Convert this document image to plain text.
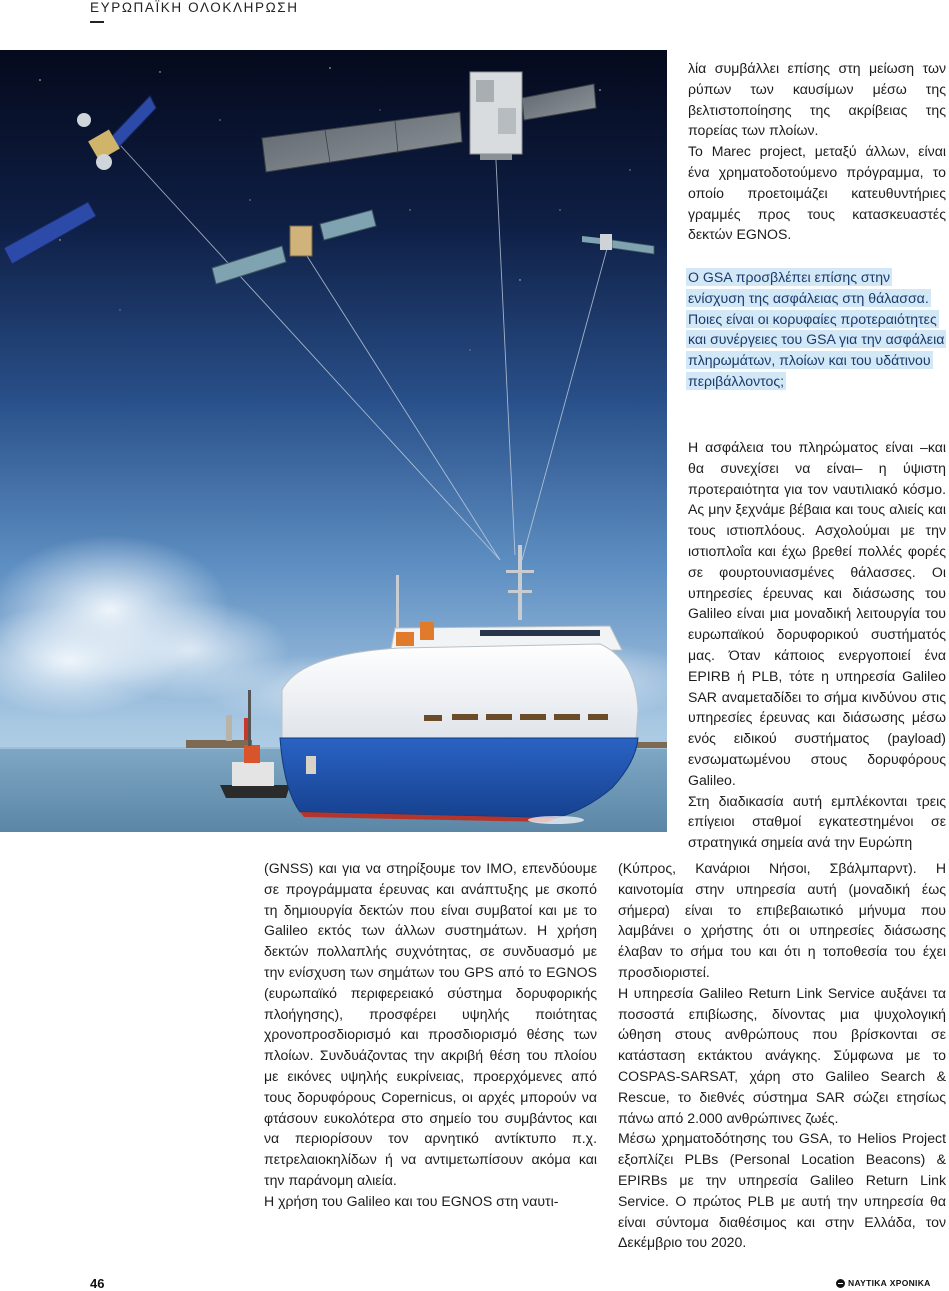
ΕΥΡΩΠΑΪΚΗ ΟΛΟΚΛΗΡΩΣΗ

λία συμβάλλει επίσης στη μείωση των ρύπων των καυσίμων μέσω της βελτιστοποίησης της ακρίβειας της πορείας των πλοίων.

Το Marec project, μεταξύ άλλων, είναι ένα χρηματοδοτούμενο πρόγραμμα, το οποίο προετοιμάζει κατευθυντήριες γραμμές προς τους κατασκευαστές δεκτών EGNOS.

Ο GSA προσβλέπει επίσης στην ενίσχυση της ασφάλειας στη θάλασσα. Ποιες είναι οι κορυφαίες προτεραιότητες και συνέργειες του GSA για την ασφάλεια πληρωμάτων, πλοίων και του υδάτινου περιβάλλοντος;

Η ασφάλεια του πληρώματος είναι –και θα συνεχίσει να είναι– η ύψιστη προτεραιότητα για τον ναυτιλιακό κόσμο. Ας μην ξεχνάμε βέβαια και τους αλιείς και τους ιστιοπλόους. Ασχολούμαι με την ιστιοπλοΐα και έχω βρεθεί πολλές φορές σε φουρτουνιασμένες θάλασσες. Οι υπηρεσίες έρευνας και διάσωσης του Galileo είναι μια μοναδική λειτουργία του ευρωπαϊκού δορυφορικού συστήματός μας. Όταν κάποιος ενεργοποιεί ένα EPIRB ή PLB, τότε η υπηρεσία Galileo SAR αναμεταδίδει το σήμα κινδύνου στις υπηρεσίες έρευνας και διάσωσης μέσω ενός ειδικού συστήματος (payload) ενσωματωμένου στους δορυφόρους Galileo.

Στη διαδικασία αυτή εμπλέκονται τρεις επίγειοι σταθμοί εγκατεστημένοι σε στρατηγικά σημεία ανά την Ευρώπη

(Κύπρος, Κανάριοι Νήσοι, Σβάλμπαρντ). Η καινοτομία στην υπηρεσία αυτή (μοναδική έως σήμερα) είναι το επιβεβαιωτικό μήνυμα που λαμβάνει ο χρήστης ότι οι υπηρεσίες διάσωσης έλαβαν το σήμα του και ότι η τοποθεσία του έχει προσδιοριστεί.

Η υπηρεσία Galileo Return Link Service αυξάνει τα ποσοστά επιβίωσης, δίνοντας μια ψυχολογική ώθηση στους ανθρώπους που βρίσκονται σε κατάσταση εκτάκτου ανάγκης. Σύμφωνα με το COSPAS-SARSAT, χάρη στο Galileo Search & Rescue, το διεθνές σύστημα SAR σώζει ετησίως πάνω από 2.000 ανθρώπινες ζωές.

Μέσω χρηματοδότησης του GSA, το Helios Project εξοπλίζει PLBs (Personal Location Beacons) & EPIRBs με την υπηρεσία Galileo Return Link Service. Ο πρώτος PLB με αυτή την υπηρεσία θα είναι σύντομα διαθέσιμος και στην Ελλάδα, τον Δεκέμβριο του 2020.

(GNSS) και για να στηρίξουμε τον IMO, επενδύουμε σε προγράμματα έρευνας και ανάπτυξης με σκοπό τη δημιουργία δεκτών που είναι συμβατοί και με το Galileo εκτός των άλλων συστημάτων. Η χρήση δεκτών πολλαπλής συχνότητας, σε συνδυασμό με την ενίσχυση των σημάτων του GPS από το EGNOS (ευρωπαϊκό περιφερειακό σύστημα δορυφορικής πλοήγησης), προσφέρει υψηλής ποιότητας χρονοπροσδιορισμό και προσδιορισμό θέσης των πλοίων. Συνδυάζοντας την ακριβή θέση του πλοίου με εικόνες υψηλής ευκρίνειας, προερχόμενες από τους δορυφόρους Copernicus, οι αρχές μπορούν να φτάσουν ευκολότερα στο σημείο του συμβάντος και να περιορίσουν τον αρνητικό αντίκτυπο π.χ. πετρελαιοκηλίδων ή να αντιμετωπίσουν ακόμα και την παράνομη αλιεία.

Η χρήση του Galileo και του EGNOS στη ναυτι-

46	ΝΑΥΤΙΚΑ ΧΡΟΝΙΚΑ
